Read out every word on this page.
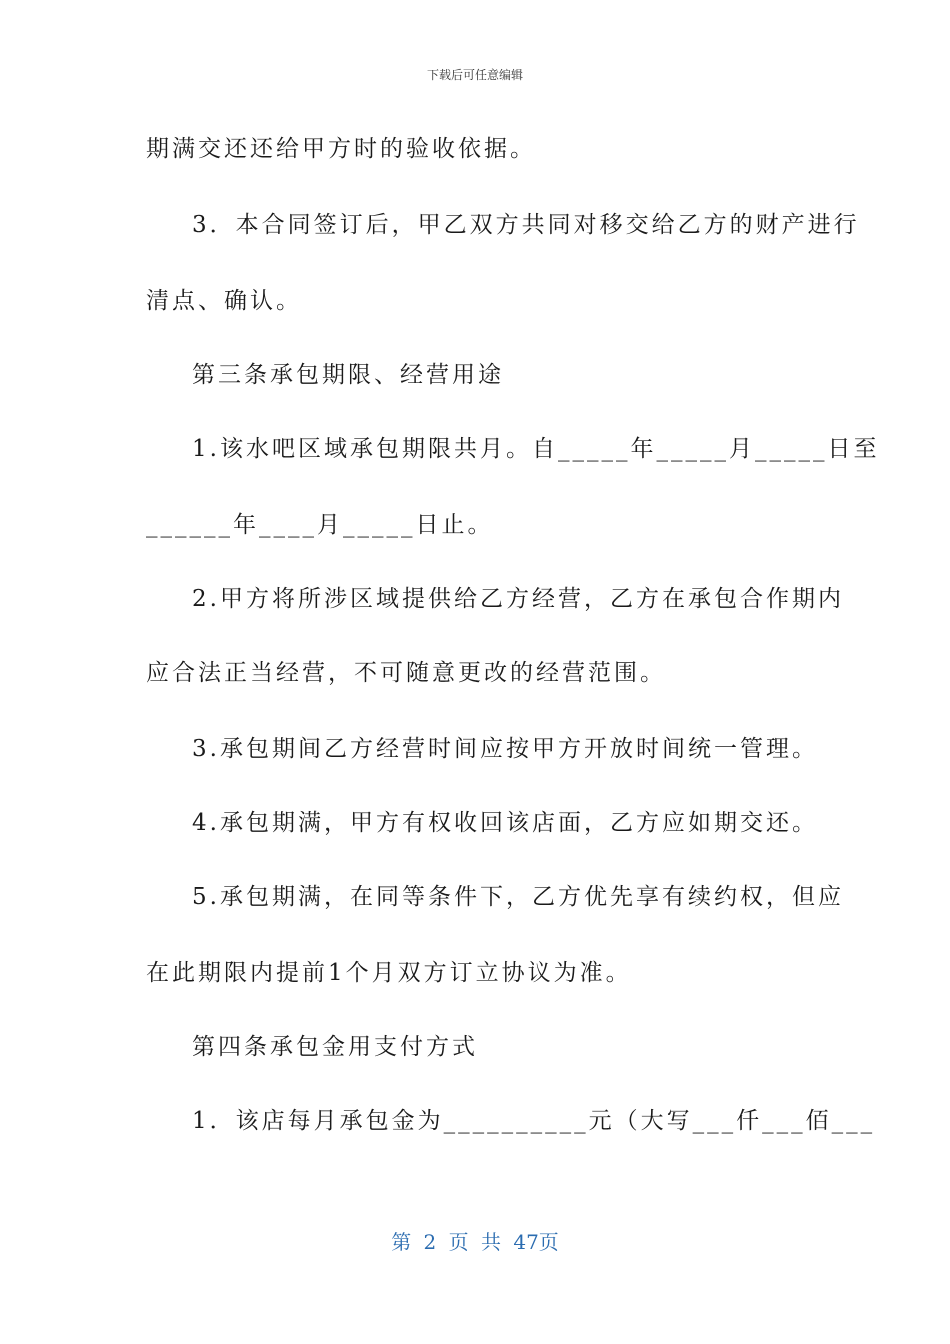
下载后可任意编辑
期满交还还给甲方时的验收依据。
3．本合同签订后，甲乙双方共同对移交给乙方的财产进行
清点、确认。
第三条承包期限、经营用途
1.该水吧区域承包期限共月。自_____年_____月_____日至
______年____月_____日止。
2.甲方将所涉区域提供给乙方经营，乙方在承包合作期内
应合法正当经营，不可随意更改的经营范围。
3.承包期间乙方经营时间应按甲方开放时间统一管理。
4.承包期满，甲方有权收回该店面，乙方应如期交还。
5.承包期满，在同等条件下，乙方优先享有续约权，但应
在此期限内提前1个月双方订立协议为准。
第四条承包金用支付方式
1．该店每月承包金为__________元（大写___仟___佰___
第 2 页 共 47页
